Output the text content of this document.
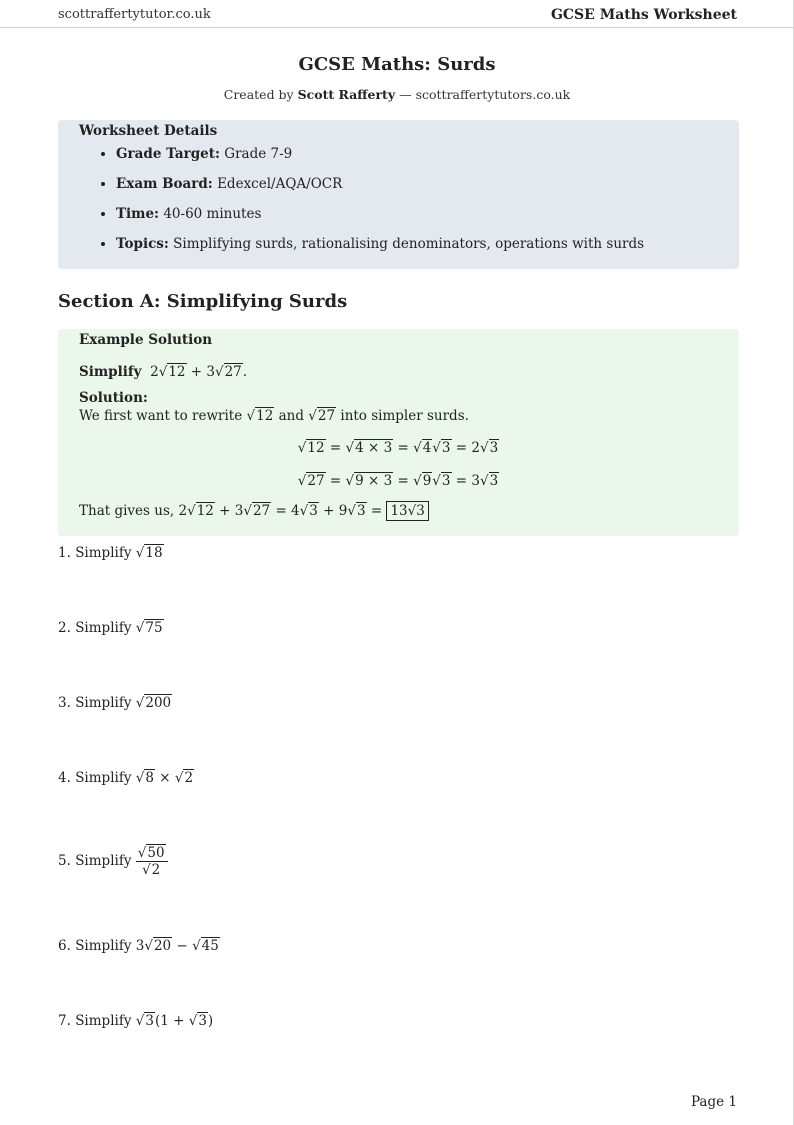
scottraffertytutor.co.uk	GCSE Maths Worksheet
GCSE Maths: Surds
Created by Scott Rafferty — scottraffertytutors.co.uk
Worksheet Details
• Grade Target: Grade 7-9
• Exam Board: Edexcel/AQA/OCR
• Time: 40-60 minutes
• Topics: Simplifying surds, rationalising denominators, operations with surds
Section A: Simplifying Surds
Example Solution
Simplify  2√12 + 3√27.
Solution:
We first want to rewrite √12 and √27 into simpler surds.
√12 = √4 × 3 = √4√3 = 2√3
√27 = √9 × 3 = √9√3 = 3√3
That gives us, 2√12 + 3√27 = 4√3 + 9√3 = 13√3
1. Simplify √18
2. Simplify √75
3. Simplify √200
4. Simplify √8 × √2
5. Simplify $\frac{√50}{√2}$
6. Simplify 3√20 − √45
7. Simplify √3(1 + √3)
Page 1
